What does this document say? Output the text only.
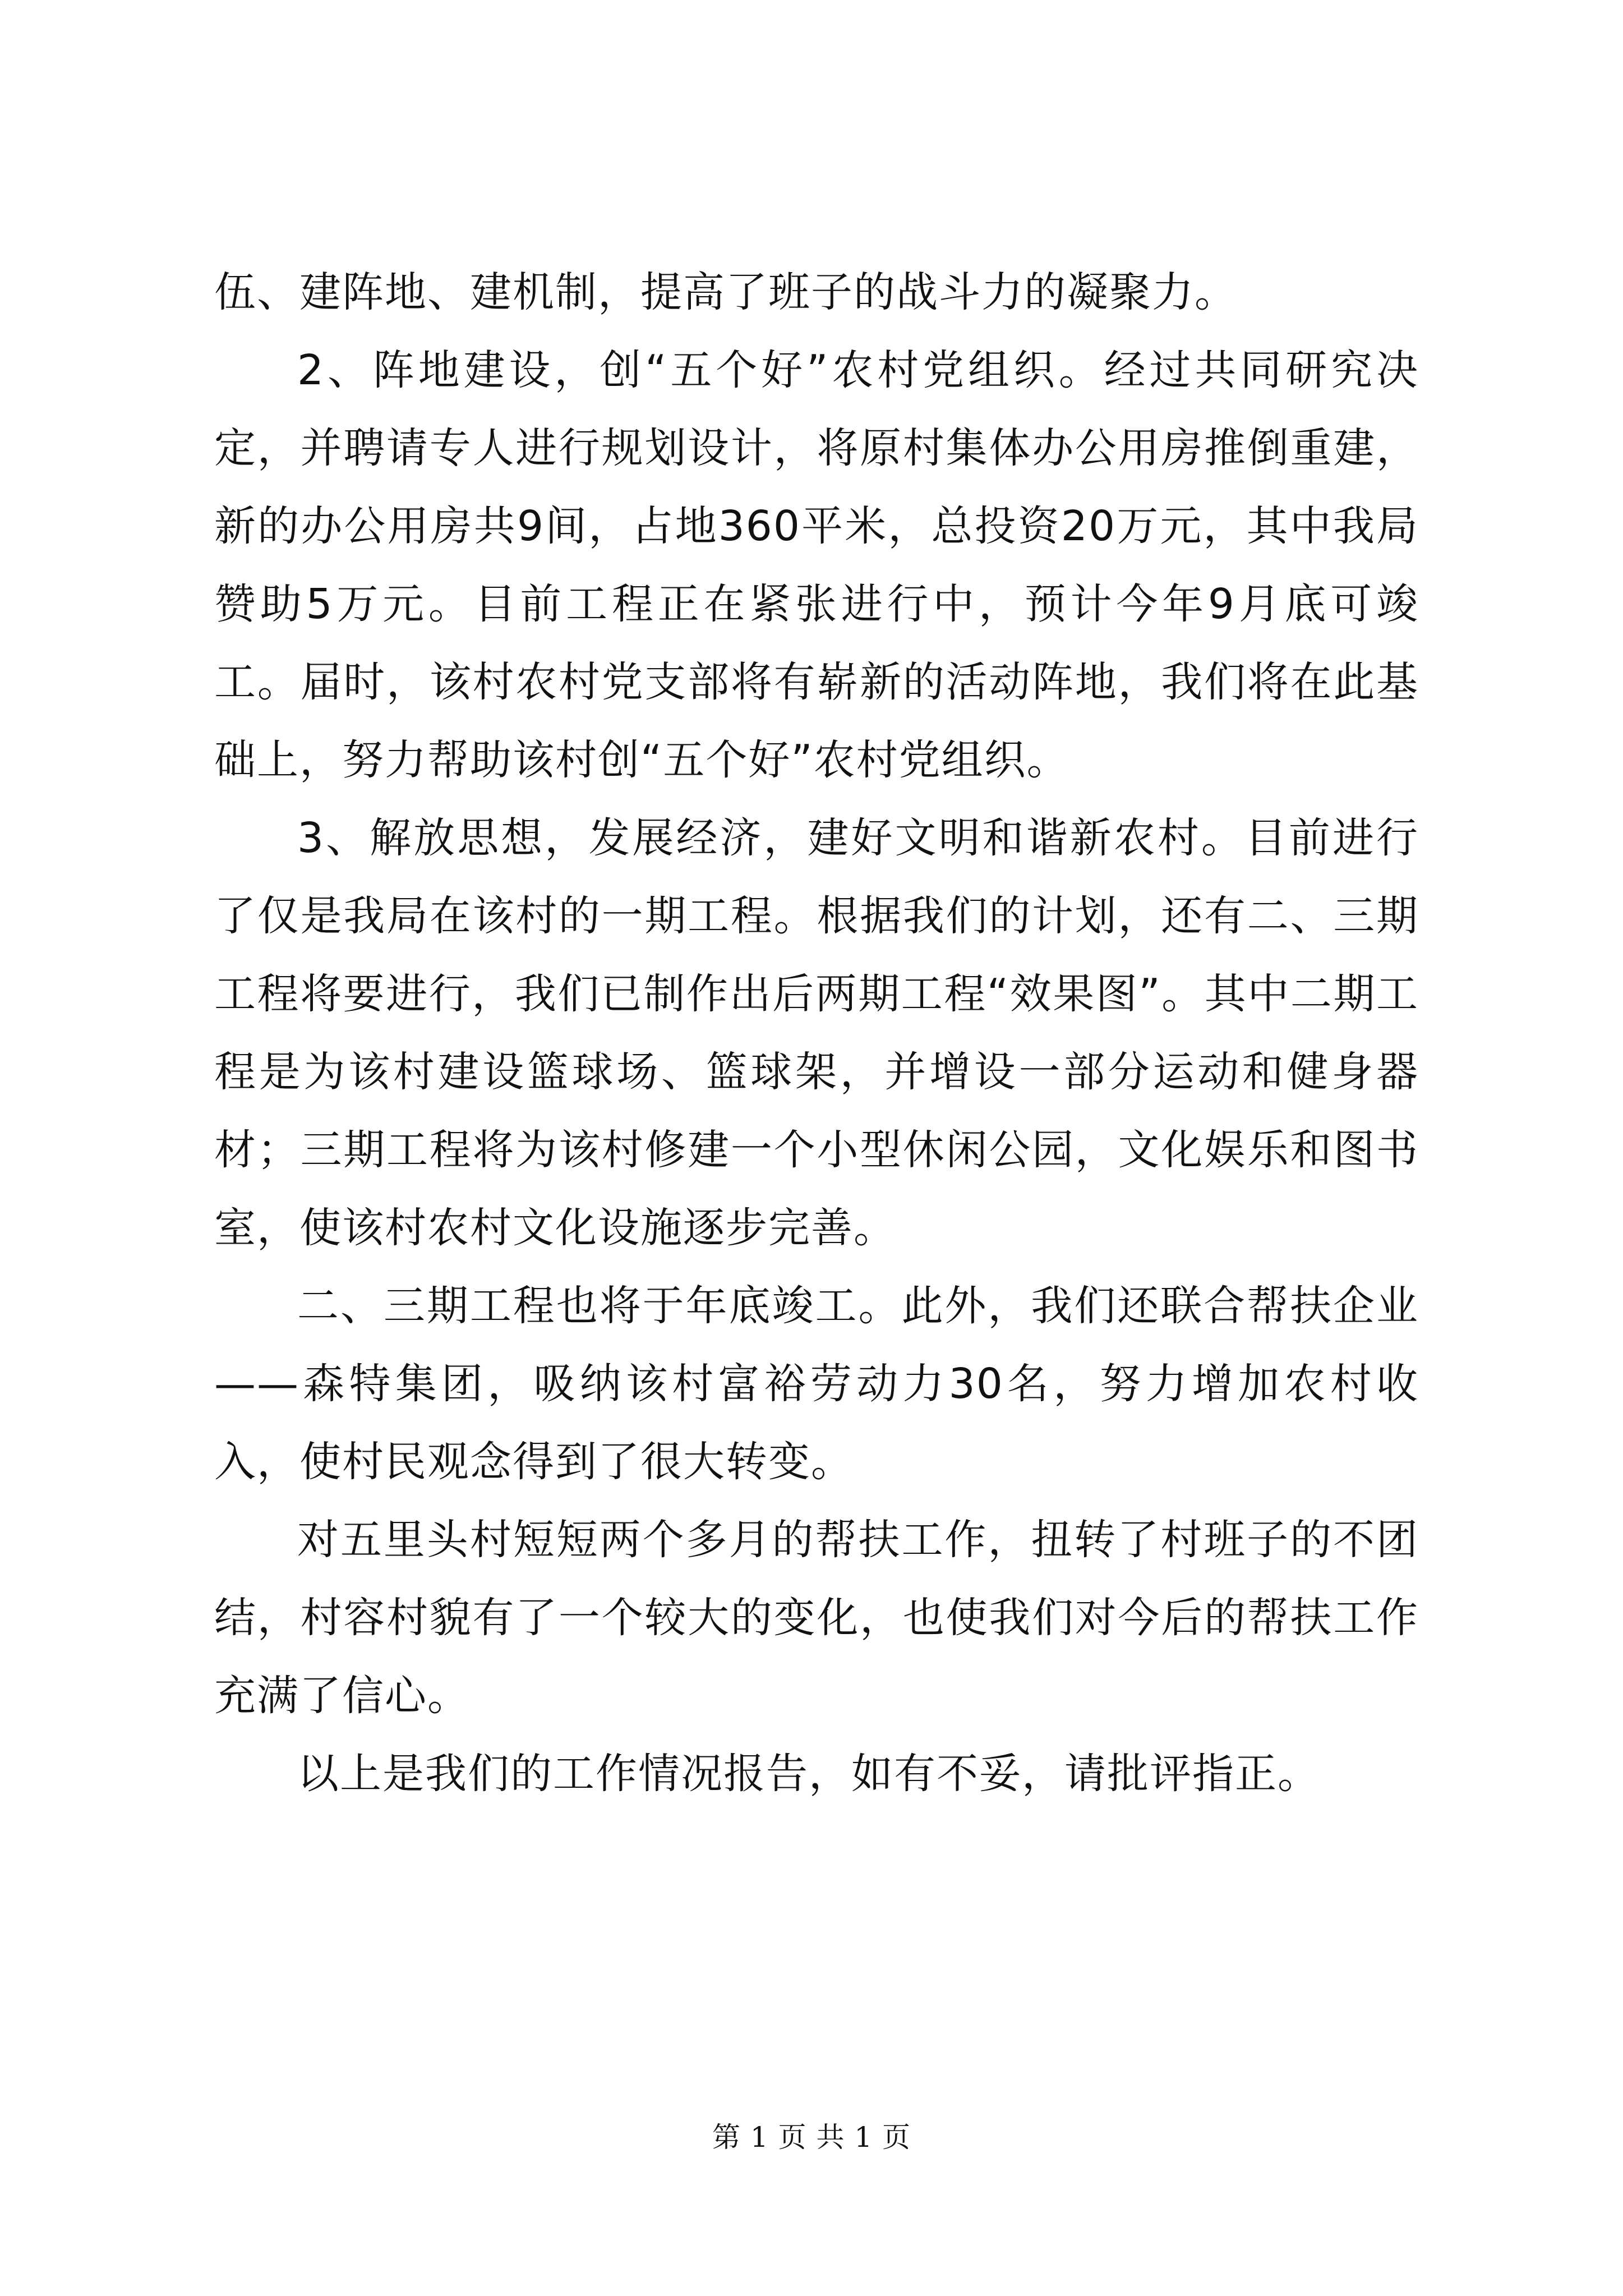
伍、建阵地、建机制，提高了班子的战斗力的凝聚力。

2、阵地建设，创“五个好”农村党组织。经过共同研究决定，并聘请专人进行规划设计，将原村集体办公用房推倒重建，新的办公用房共9间，占地360平米，总投资20万元，其中我局赞助5万元。目前工程正在紧张进行中，预计今年9月底可竣工。届时，该村农村党支部将有崭新的活动阵地，我们将在此基础上，努力帮助该村创“五个好”农村党组织。

3、解放思想，发展经济，建好文明和谐新农村。目前进行了仅是我局在该村的一期工程。根据我们的计划，还有二、三期工程将要进行，我们已制作出后两期工程“效果图”。其中二期工程是为该村建设篮球场、篮球架，并增设一部分运动和健身器材；三期工程将为该村修建一个小型休闲公园，文化娱乐和图书室，使该村农村文化设施逐步完善。

二、三期工程也将于年底竣工。此外，我们还联合帮扶企业——森特集团，吸纳该村富裕劳动力30名，努力增加农村收入，使村民观念得到了很大转变。

对五里头村短短两个多月的帮扶工作，扭转了村班子的不团结，村容村貌有了一个较大的变化，也使我们对今后的帮扶工作充满了信心。

以上是我们的工作情况报告，如有不妥，请批评指正。

第 1 页 共 1 页
